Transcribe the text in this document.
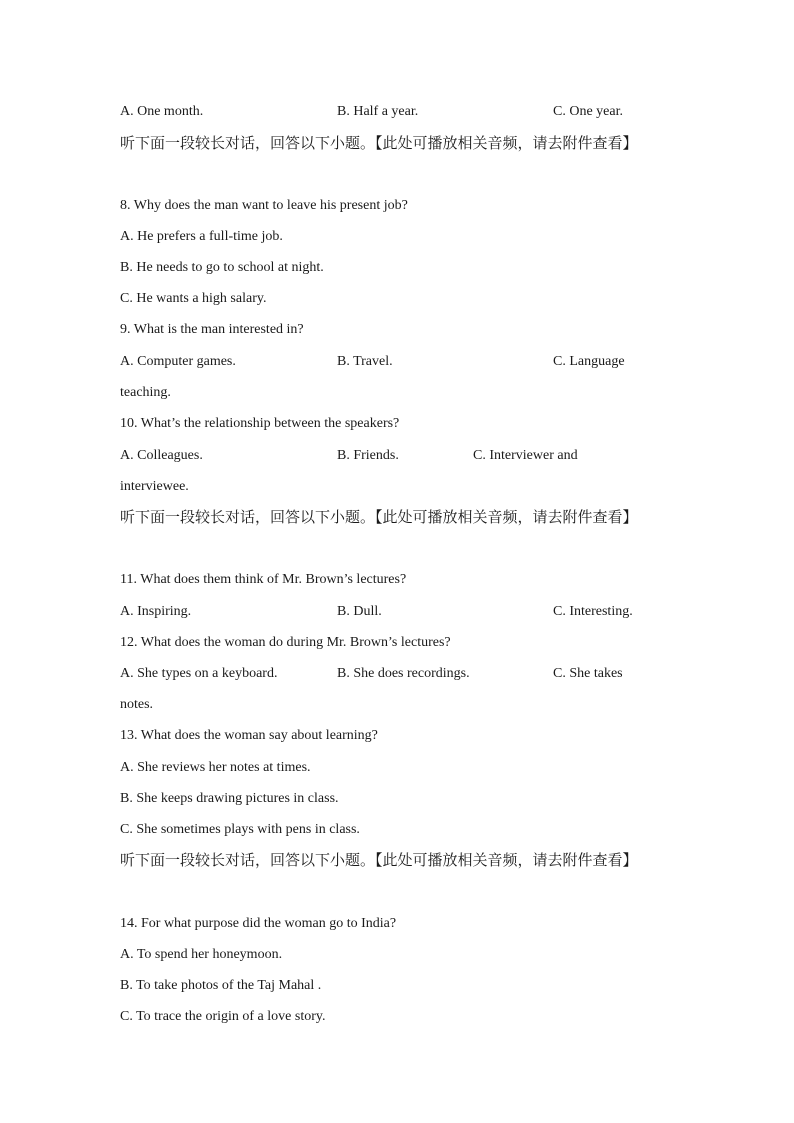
A. One month.	B. Half a year.	C. One year.
听下面一段较长对话，回答以下小题。【此处可播放相关音频，请去附件查看】
8. Why does the man want to leave his present job?
A. He prefers a full-time job.
B. He needs to go to school at night.
C. He wants a high salary.
9. What is the man interested in?
A. Computer games.	B. Travel.	C. Language
teaching.
10. What’s the relationship between the speakers?
A. Colleagues.	B. Friends.	C. Interviewer and
interviewee.
听下面一段较长对话，回答以下小题。【此处可播放相关音频，请去附件查看】
11. What does them think of Mr. Brown’s lectures?
A. Inspiring.	B. Dull.	C. Interesting.
12. What does the woman do during Mr. Brown’s lectures?
A. She types on a keyboard.	B. She does recordings.	C. She takes
notes.
13. What does the woman say about learning?
A. She reviews her notes at times.
B. She keeps drawing pictures in class.
C. She sometimes plays with pens in class.
听下面一段较长对话，回答以下小题。【此处可播放相关音频，请去附件查看】
14. For what purpose did the woman go to India?
A. To spend her honeymoon.
B. To take photos of the Taj Mahal .
C. To trace the origin of a love story.
